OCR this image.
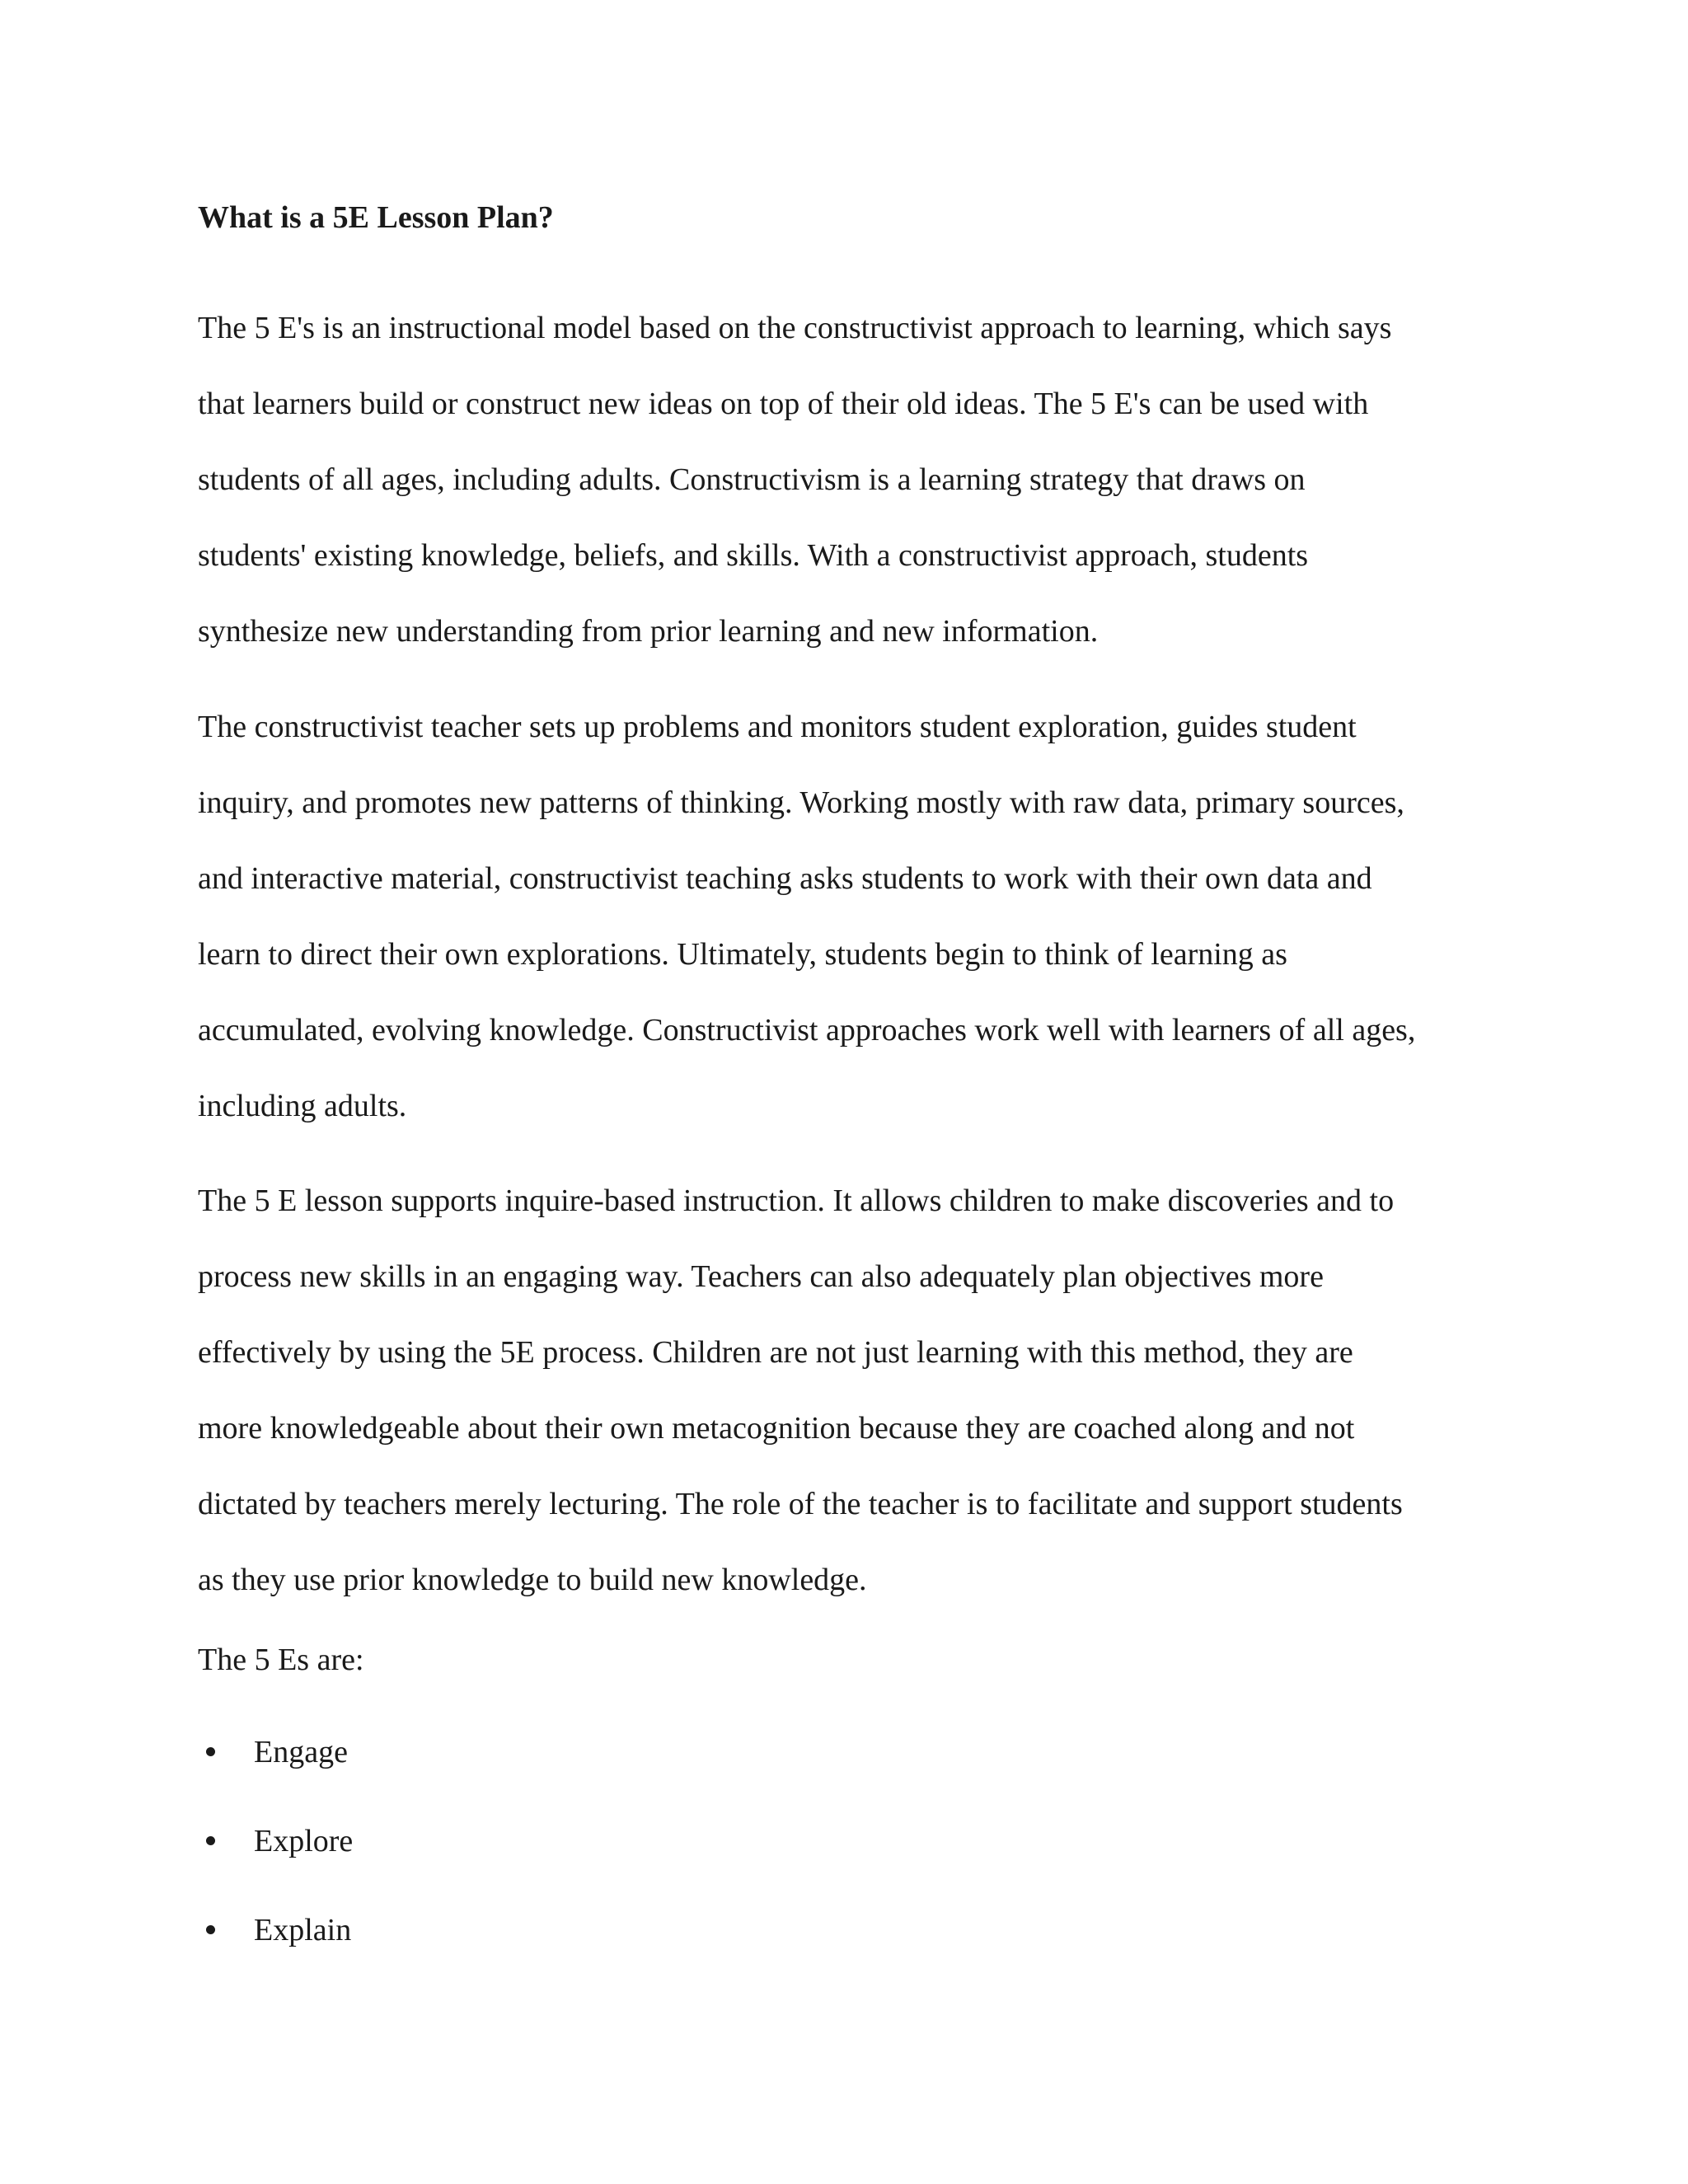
What is a 5E Lesson Plan?
The 5 E's is an instructional model based on the constructivist approach to learning, which says
that learners build or construct new ideas on top of their old ideas. The 5 E's can be used with
students of all ages, including adults. Constructivism is a learning strategy that draws on
students' existing knowledge, beliefs, and skills. With a constructivist approach, students
synthesize new understanding from prior learning and new information.
The constructivist teacher sets up problems and monitors student exploration, guides student
inquiry, and promotes new patterns of thinking. Working mostly with raw data, primary sources,
and interactive material, constructivist teaching asks students to work with their own data and
learn to direct their own explorations. Ultimately, students begin to think of learning as
accumulated, evolving knowledge. Constructivist approaches work well with learners of all ages,
including adults.
The 5 E lesson supports inquire-based instruction. It allows children to make discoveries and to
process new skills in an engaging way. Teachers can also adequately plan objectives more
effectively by using the 5E process. Children are not just learning with this method, they are
more knowledgeable about their own metacognition because they are coached along and not
dictated by teachers merely lecturing. The role of the teacher is to facilitate and support students
as they use prior knowledge to build new knowledge.

The 5 Es are:

Engage
Explore
Explain
